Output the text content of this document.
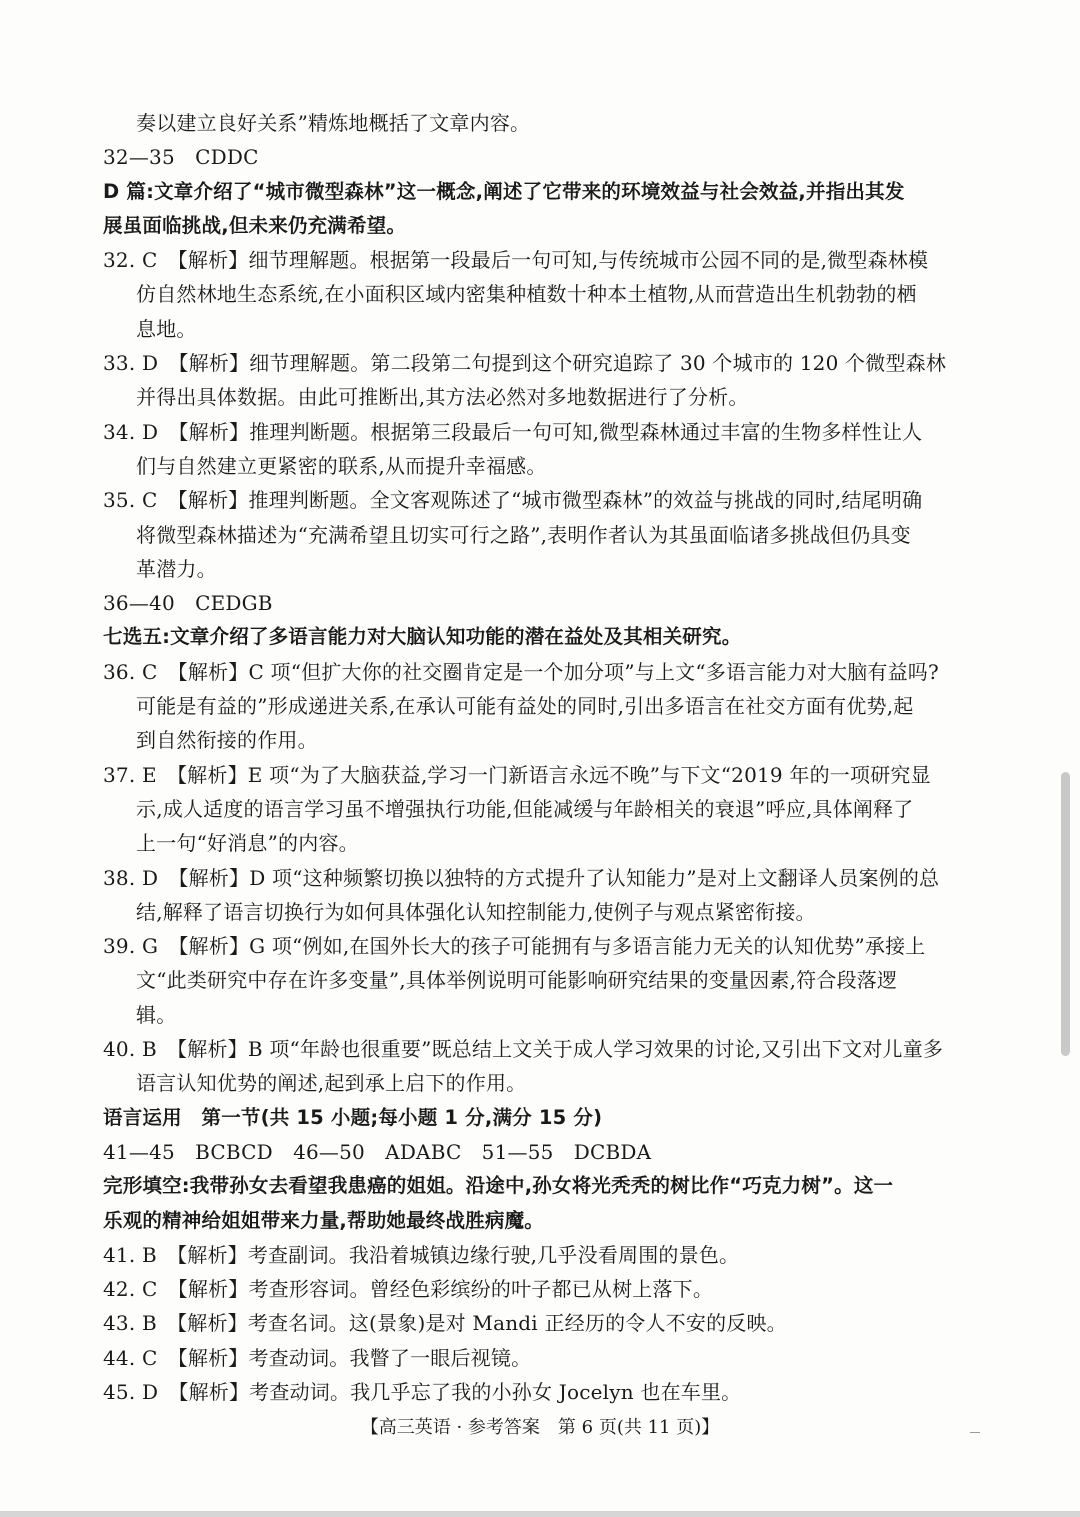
奏以建立良好关系”精炼地概括了文章内容。
32—35　CDDC
D 篇:文章介绍了“城市微型森林”这一概念,阐述了它带来的环境效益与社会效益,并指出其发
展虽面临挑战,但未来仍充满希望。
32. C　【解析】细节理解题。根据第一段最后一句可知,与传统城市公园不同的是,微型森林模
仿自然林地生态系统,在小面积区域内密集种植数十种本土植物,从而营造出生机勃勃的栖
息地。
33. D　【解析】细节理解题。第二段第二句提到这个研究追踪了 30 个城市的 120 个微型森林
并得出具体数据。由此可推断出,其方法必然对多地数据进行了分析。
34. D　【解析】推理判断题。根据第三段最后一句可知,微型森林通过丰富的生物多样性让人
们与自然建立更紧密的联系,从而提升幸福感。
35. C　【解析】推理判断题。全文客观陈述了“城市微型森林”的效益与挑战的同时,结尾明确
将微型森林描述为“充满希望且切实可行之路”,表明作者认为其虽面临诸多挑战但仍具变
革潜力。
36—40　CEDGB
七选五:文章介绍了多语言能力对大脑认知功能的潜在益处及其相关研究。
36. C　【解析】C 项“但扩大你的社交圈肯定是一个加分项”与上文“多语言能力对大脑有益吗?
可能是有益的”形成递进关系,在承认可能有益处的同时,引出多语言在社交方面有优势,起
到自然衔接的作用。
37. E　【解析】E 项“为了大脑获益,学习一门新语言永远不晚”与下文“2019 年的一项研究显
示,成人适度的语言学习虽不增强执行功能,但能减缓与年龄相关的衰退”呼应,具体阐释了
上一句“好消息”的内容。
38. D　【解析】D 项“这种频繁切换以独特的方式提升了认知能力”是对上文翻译人员案例的总
结,解释了语言切换行为如何具体强化认知控制能力,使例子与观点紧密衔接。
39. G　【解析】G 项“例如,在国外长大的孩子可能拥有与多语言能力无关的认知优势”承接上
文“此类研究中存在许多变量”,具体举例说明可能影响研究结果的变量因素,符合段落逻
辑。
40. B　【解析】B 项“年龄也很重要”既总结上文关于成人学习效果的讨论,又引出下文对儿童多
语言认知优势的阐述,起到承上启下的作用。
语言运用　第一节(共 15 小题;每小题 1 分,满分 15 分)
41—45　BCBCD　46—50　ADABC　51—55　DCBDA
完形填空:我带孙女去看望我患癌的姐姐。沿途中,孙女将光秃秃的树比作“巧克力树”。这一
乐观的精神给姐姐带来力量,帮助她最终战胜病魔。
41. B　【解析】考查副词。我沿着城镇边缘行驶,几乎没看周围的景色。
42. C　【解析】考查形容词。曾经色彩缤纷的叶子都已从树上落下。
43. B　【解析】考查名词。这(景象)是对 Mandi 正经历的令人不安的反映。
44. C　【解析】考查动词。我瞥了一眼后视镜。
45. D　【解析】考查动词。我几乎忘了我的小孙女 Jocelyn 也在车里。
【高三英语 · 参考答案　第 6 页(共 11 页)】
